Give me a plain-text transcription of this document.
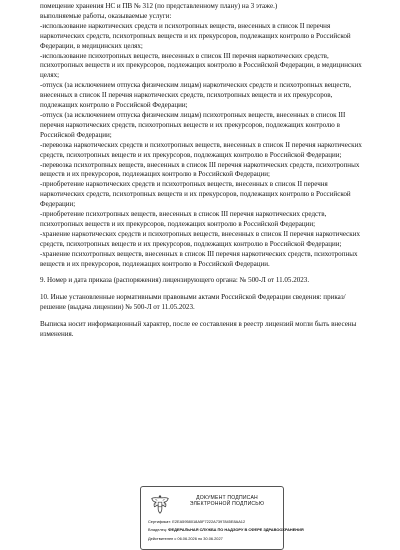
помещение хранения НС и ПВ № 312 (по представленному плану) на 3 этаже.)

выполняемые работы, оказываемые услуги:

-использование наркотических средств и психотропных веществ, внесенных в список II перечня наркотических средств, психотропных веществ и их прекурсоров, подлежащих контролю в Российской Федерации, в медицинских целях;

-использование психотропных веществ, внесенных в список III перечня наркотических средств, психотропных веществ и их прекурсоров, подлежащих контролю в Российской Федерации, в медицинских целях;

-отпуск (за исключением отпуска физическим лицам) наркотических средств и психотропных веществ, внесенных в список II перечня наркотических средств, психотропных веществ и их прекурсоров, подлежащих контролю в Российской Федерации;

-отпуск (за исключением отпуска физическим лицам) психотропных веществ, внесенных в список III перечня наркотических средств, психотропных веществ и их прекурсоров, подлежащих контролю в Российской Федерации;

-перевозка наркотических средств и психотропных веществ, внесенных в список II перечня наркотических средств, психотропных веществ и их прекурсоров, подлежащих контролю в Российской Федерации;

-перевозка психотропных веществ, внесенных в список III перечня наркотических средств, психотропных веществ и их прекурсоров, подлежащих контролю в Российской Федерации;

-приобретение наркотических средств и психотропных веществ, внесенных в список II перечня наркотических средств, психотропных веществ и их прекурсоров, подлежащих контролю в Российской Федерации;

-приобретение психотропных веществ, внесенных в список III перечня наркотических средств, психотропных веществ и их прекурсоров, подлежащих контролю в Российской Федерации;

-хранение наркотических средств и психотропных веществ, внесенных в список II перечня наркотических средств, психотропных веществ и их прекурсоров, подлежащих контролю в Российской Федерации;

-хранение психотропных веществ, внесенных в список III перечня наркотических средств, психотропных веществ и их прекурсоров, подлежащих контролю в Российской Федерации.

9. Номер и дата приказа (распоряжения) лицензирующего органа: № 500-Л от 11.05.2023.

10. Иные установленные нормативными правовыми актами Российской Федерации сведения: приказ/решение (выдача лицензии) № 500-Л от 11.05.2023.

Выписка носит информационный характер, после ее составления в реестр лицензий могли быть внесены изменения.

ДОКУМЕНТ ПОДПИСАН
ЭЛЕКТРОННОЙ ПОДПИСЬЮ
Сертификат: E2EA5958018A5F7222A7397845E8AA12
Владелец: ФЕДЕРАЛЬНАЯ СЛУЖБА ПО НАДЗОРУ В СФЕРЕ ЗДРАВООХРАНЕНИЯ
Действителен с 06.06.2026 по 30.06.2027
